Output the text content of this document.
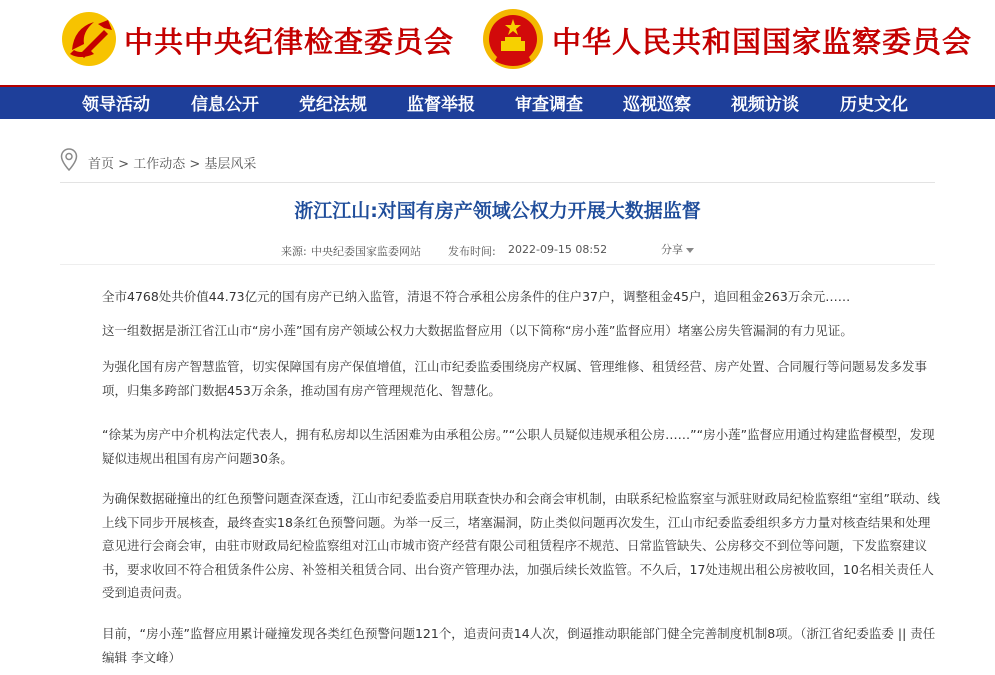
中共中央纪律检查委员会	中华人民共和国国家监察委员会
领导活动 信息公开 党纪法规 监督举报 审查调查 巡视巡察 视频访谈 历史文化
首页 > 工作动态 > 基层风采
浙江江山:对国有房产领域公权力开展大数据监督
来源: 中央纪委国家监委网站 发布时间: 2022-09-15 08:52	分享

全市4768处共价值44.73亿元的国有房产已纳入监管，清退不符合承租公房条件的住户37户，调整租金45户，追回租金263万余元……

这一组数据是浙江省江山市“房小莲”国有房产领域公权力大数据监督应用（以下简称“房小莲”监督应用）堵塞公房失管漏洞的有力见证。

为强化国有房产智慧监管，切实保障国有房产保值增值，江山市纪委监委围绕房产权属、管理维修、租赁经营、房产处置、合同履行等问题易发多发事项，归集多跨部门数据453万余条，推动国有房产管理规范化、智慧化。

“徐某为房产中介机构法定代表人，拥有私房却以生活困难为由承租公房。”“公职人员疑似违规承租公房……”“房小莲”监督应用通过构建监督模型，发现疑似违规出租国有房产问题30条。

为确保数据碰撞出的红色预警问题查深查透，江山市纪委监委启用联查快办和会商会审机制，由联系纪检监察室与派驻财政局纪检监察组“室组”联动、线上线下同步开展核查，最终查实18条红色预警问题。为举一反三，堵塞漏洞，防止类似问题再次发生，江山市纪委监委组织多方力量对核查结果和处理意见进行会商会审，由驻市财政局纪检监察组对江山市城市资产经营有限公司租赁程序不规范、日常监管缺失、公房移交不到位等问题，下发监察建议书，要求收回不符合租赁条件公房、补签相关租赁合同、出台资产管理办法，加强后续长效监管。不久后，17处违规出租公房被收回，10名相关责任人受到追责问责。

目前，“房小莲”监督应用累计碰撞发现各类红色预警问题121个，追责问责14人次，倒逼推动职能部门健全完善制度机制8项。（浙江省纪委监委 || 责任编辑 李文峰）
